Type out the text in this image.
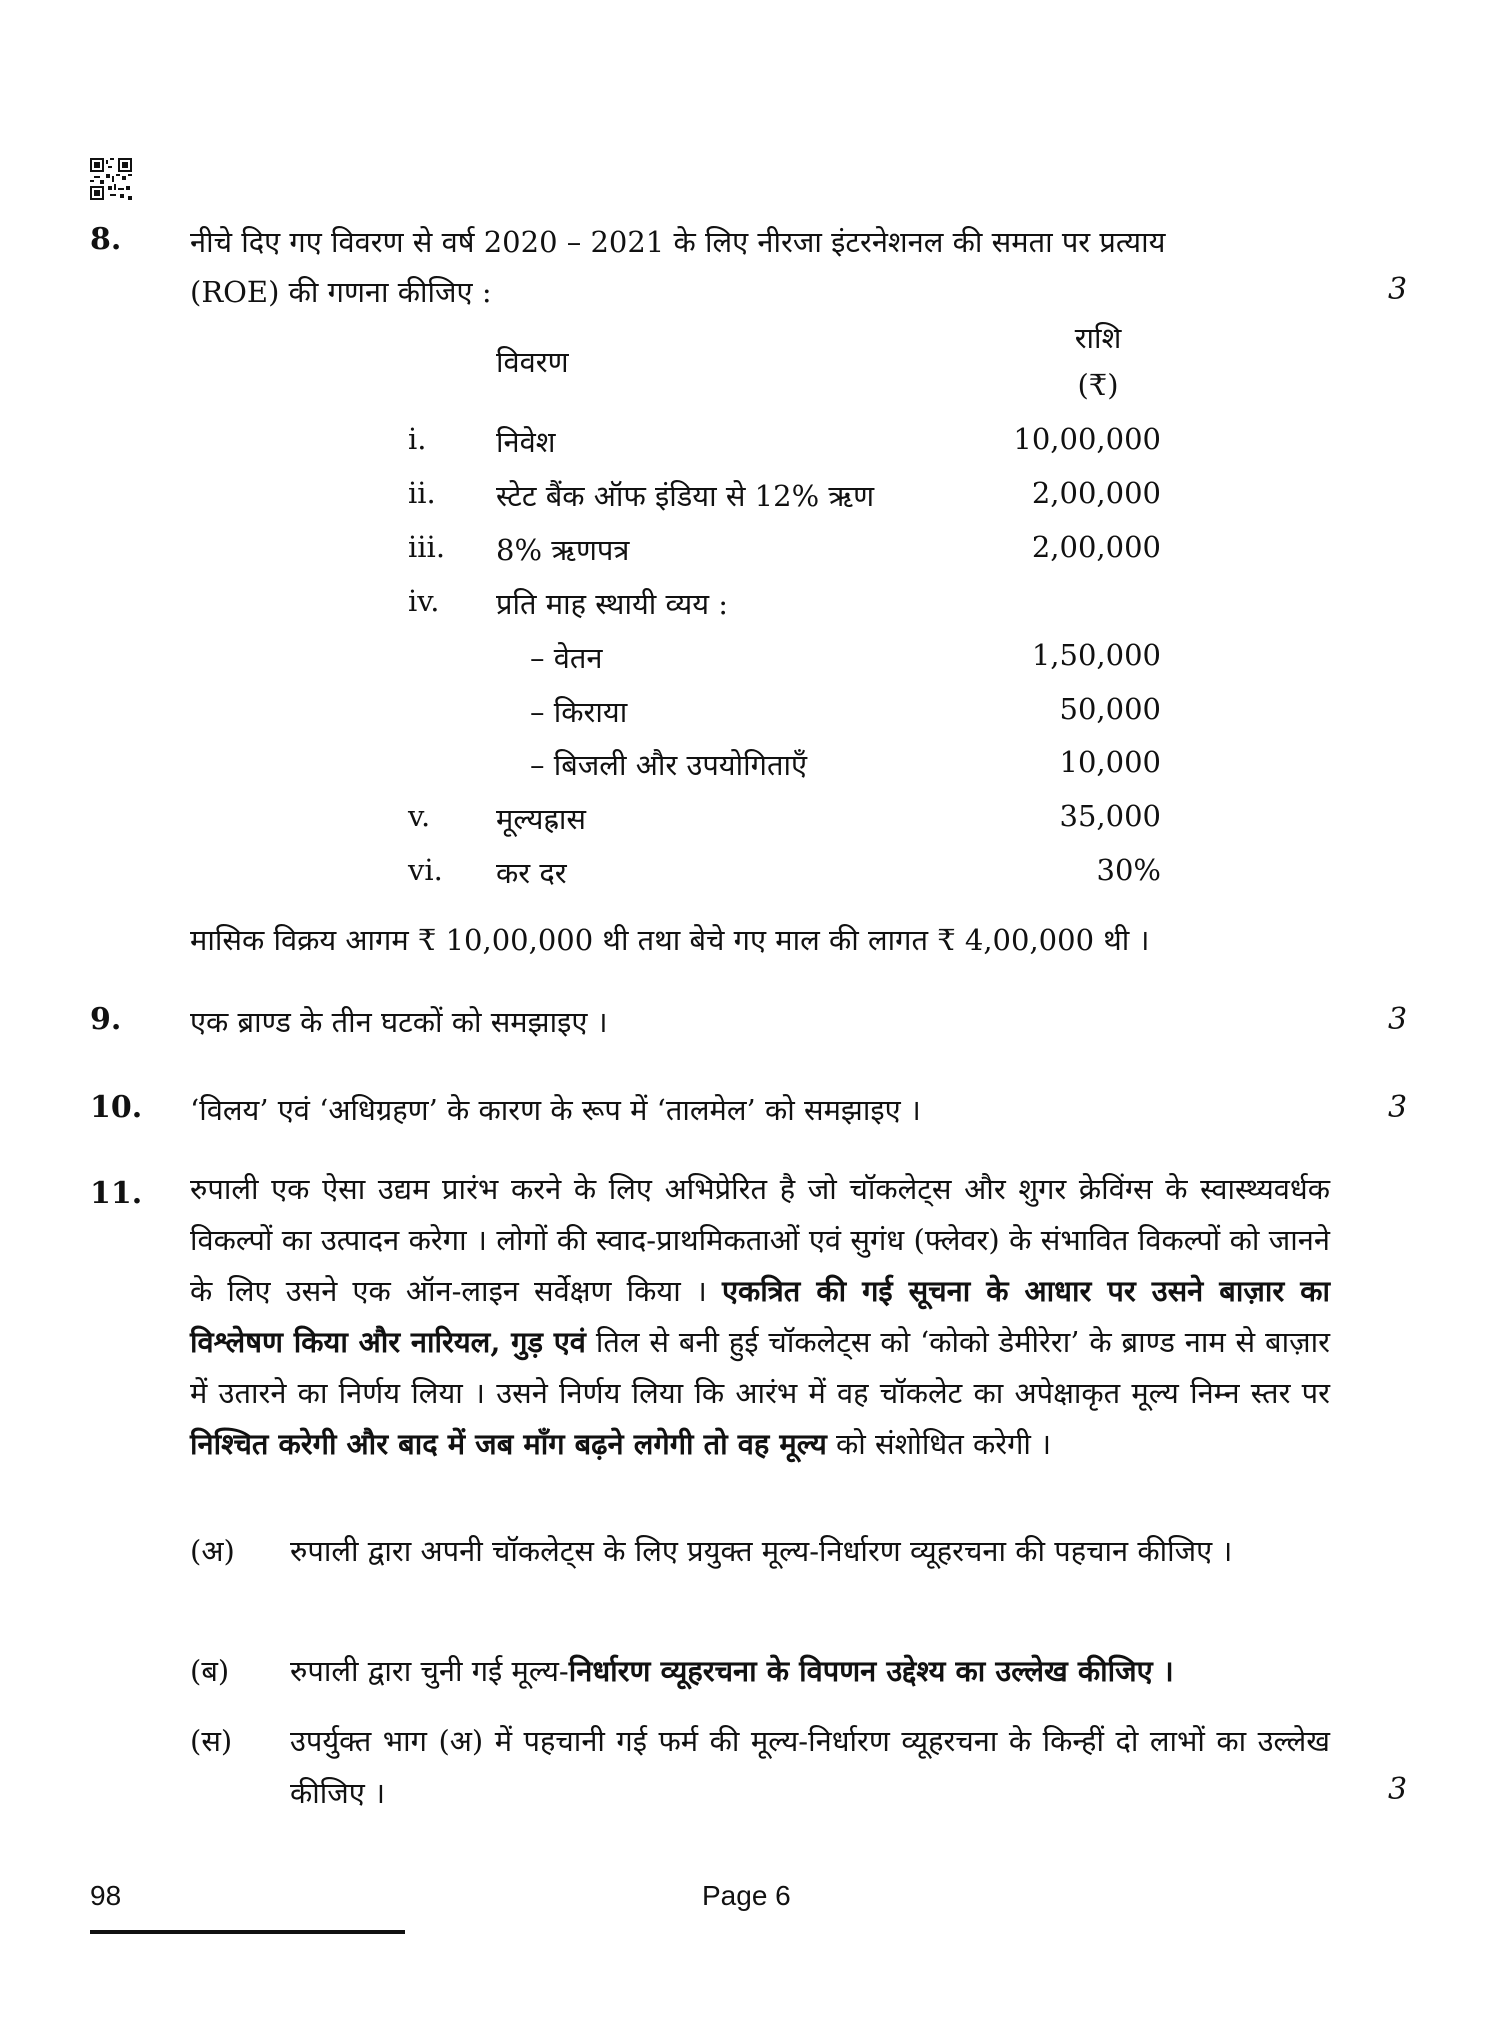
8. नीचे दिए गए विवरण से वर्ष 2020 – 2021 के लिए नीरजा इंटरनेशनल की समता पर प्रत्याय
(ROE) की गणना कीजिए :	3
विवरण
राशि
(₹)
i. निवेश	10,00,000
ii. स्टेट बैंक ऑफ इंडिया से 12% ऋण	2,00,000
iii. 8% ऋणपत्र	2,00,000
iv. प्रति माह स्थायी व्यय :
– वेतन	1,50,000
– किराया	50,000
– बिजली और उपयोगिताएँ	10,000
v. मूल्यह्रास	35,000
vi. कर दर	30%
मासिक विक्रय आगम ₹ 10,00,000 थी तथा बेचे गए माल की लागत ₹ 4,00,000 थी ।
9. एक ब्राण्ड के तीन घटकों को समझाइए ।	3
10. ‘विलय’ एवं ‘अधिग्रहण’ के कारण के रूप में ‘तालमेल’ को समझाइए ।	3
11. रुपाली एक ऐसा उद्यम प्रारंभ करने के लिए अभिप्रेरित है जो चॉकलेट्स और शुगर क्रेविंग्स के स्वास्थ्यवर्धक विकल्पों का उत्पादन करेगा । लोगों की स्वाद-प्राथमिकताओं एवं सुगंध (फ्लेवर) के संभावित विकल्पों को जानने के लिए उसने एक ऑन-लाइन सर्वेक्षण किया । एकत्रित की गई सूचना के आधार पर उसने बाज़ार का विश्लेषण किया और नारियल, गुड़ एवं तिल से बनी हुई चॉकलेट्स को ‘कोको डेमीरेरा’ के ब्राण्ड नाम से बाज़ार में उतारने का निर्णय लिया । उसने निर्णय लिया कि आरंभ में वह चॉकलेट का अपेक्षाकृत मूल्य निम्न स्तर पर निश्चित करेगी और बाद में जब माँग बढ़ने लगेगी तो वह मूल्य को संशोधित करेगी ।
(अ) रुपाली द्वारा अपनी चॉकलेट्स के लिए प्रयुक्त मूल्य-निर्धारण व्यूहरचना की पहचान कीजिए ।
(ब) रुपाली द्वारा चुनी गई मूल्य-निर्धारण व्यूहरचना के विपणन उद्देश्य का उल्लेख कीजिए ।
(स) उपर्युक्त भाग (अ) में पहचानी गई फर्म की मूल्य-निर्धारण व्यूहरचना के किन्हीं दो लाभों का उल्लेख कीजिए ।	3
98	Page 6
